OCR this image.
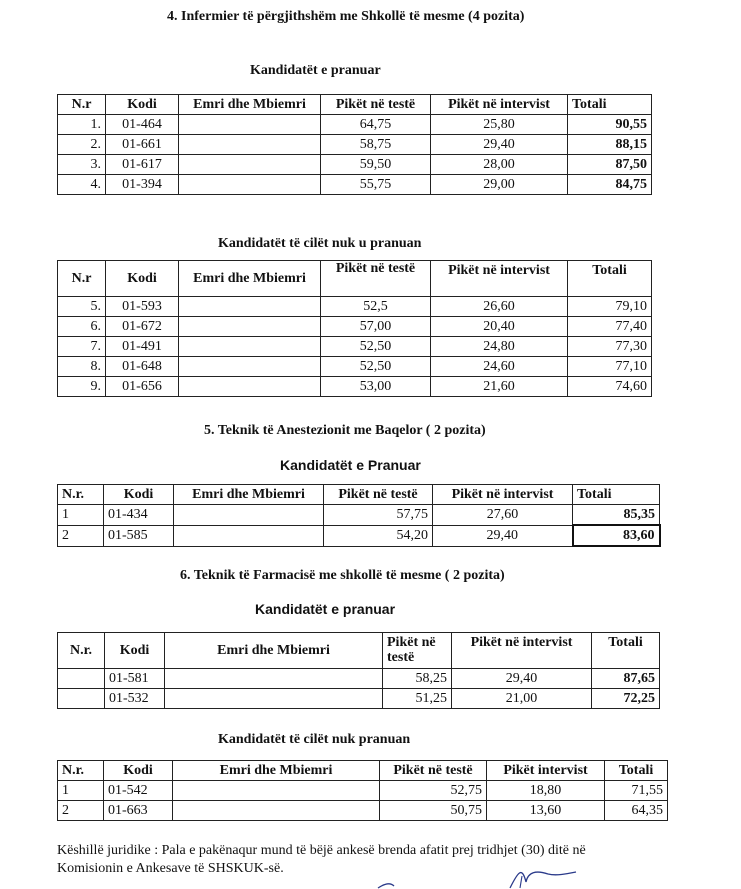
4. Infermier të përgjithshëm me Shkollë të mesme (4 pozita)
Kandidatët e pranuar
N.r	Kodi	Emri dhe Mbiemri	Pikët në testë	Pikët në intervist	Totali
1.	01-464		64,75	25,80	90,55
2.	01-661		58,75	29,40	88,15
3.	01-617		59,50	28,00	87,50
4.	01-394		55,75	29,00	84,75
Kandidatët të cilët nuk u pranuan
N.r	Kodi	Emri dhe Mbiemri	Pikët në testë	Pikët në intervist	Totali
5.	01-593		52,5	26,60	79,10
6.	01-672		57,00	20,40	77,40
7.	01-491		52,50	24,80	77,30
8.	01-648		52,50	24,60	77,10
9.	01-656		53,00	21,60	74,60
5. Teknik të Anestezionit me Baqelor ( 2 pozita)
Kandidatët e Pranuar
N.r.	Kodi	Emri dhe Mbiemri	Pikët në testë	Pikët në intervist	Totali
1	01-434		57,75	27,60	85,35
2	01-585		54,20	29,40	83,60
6. Teknik të Farmacisë me shkollë të mesme ( 2 pozita)
Kandidatët e pranuar
N.r.	Kodi	Emri dhe Mbiemri	Pikët në testë	Pikët në intervist	Totali
	01-581		58,25	29,40	87,65
	01-532		51,25	21,00	72,25
Kandidatët të cilët nuk pranuan
N.r.	Kodi	Emri dhe Mbiemri	Pikët në testë	Pikët intervist	Totali
1	01-542		52,75	18,80	71,55
2	01-663		50,75	13,60	64,35
Këshillë juridike : Pala e pakënaqur mund të bëjë ankesë brenda afatit prej tridhjet (30) ditë në
Komisionin e Ankesave të SHSKUK-së.
